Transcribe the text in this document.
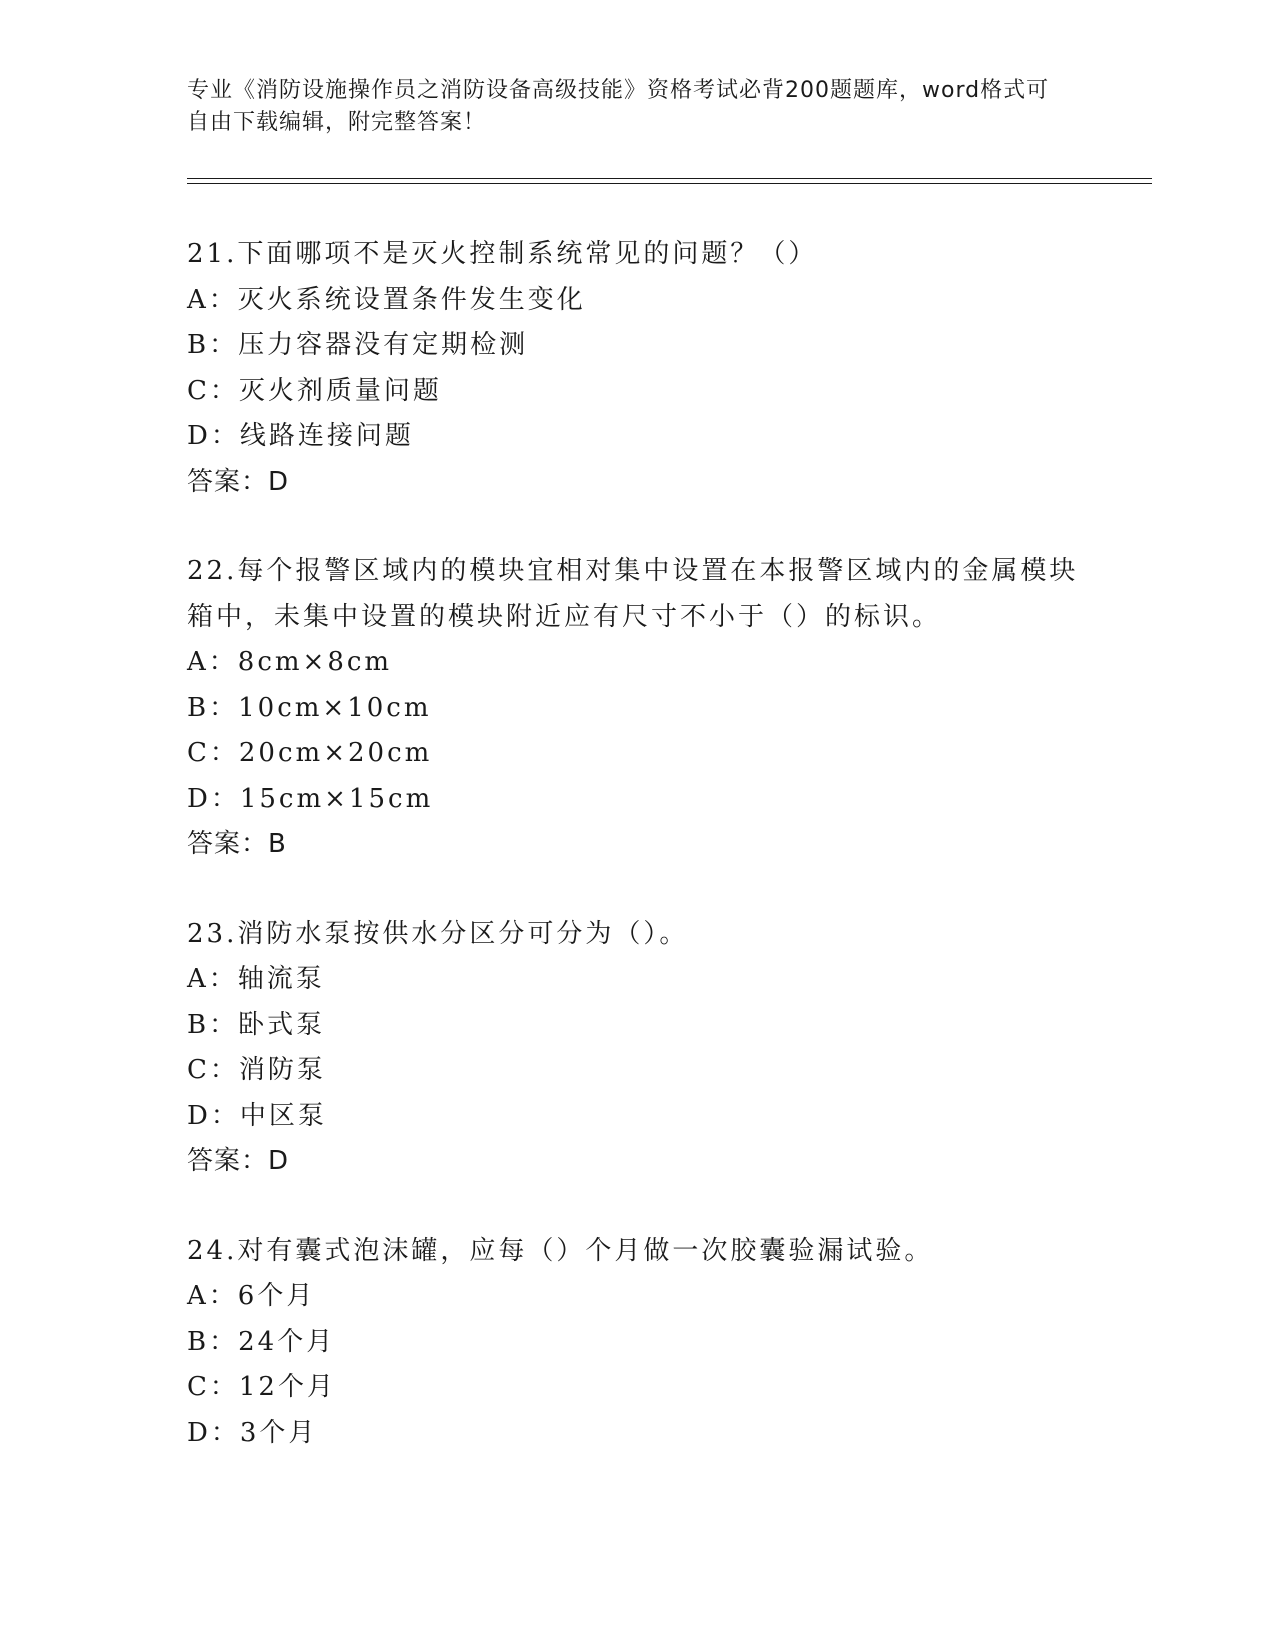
专业《消防设施操作员之消防设备高级技能》资格考试必背200题题库，word格式可自由下载编辑，附完整答案！
21.下面哪项不是灭火控制系统常见的问题？（）
A：灭火系统设置条件发生变化
B：压力容器没有定期检测
C：灭火剂质量问题
D：线路连接问题
答案：D
22.每个报警区域内的模块宜相对集中设置在本报警区域内的金属模块箱中，未集中设置的模块附近应有尺寸不小于（）的标识。
A：8cm×8cm
B：10cm×10cm
C：20cm×20cm
D：15cm×15cm
答案：B
23.消防水泵按供水分区分可分为（）。
A：轴流泵
B：卧式泵
C：消防泵
D：中区泵
答案：D
24.对有囊式泡沫罐，应每（）个月做一次胶囊验漏试验。
A：6个月
B：24个月
C：12个月
D：3个月
